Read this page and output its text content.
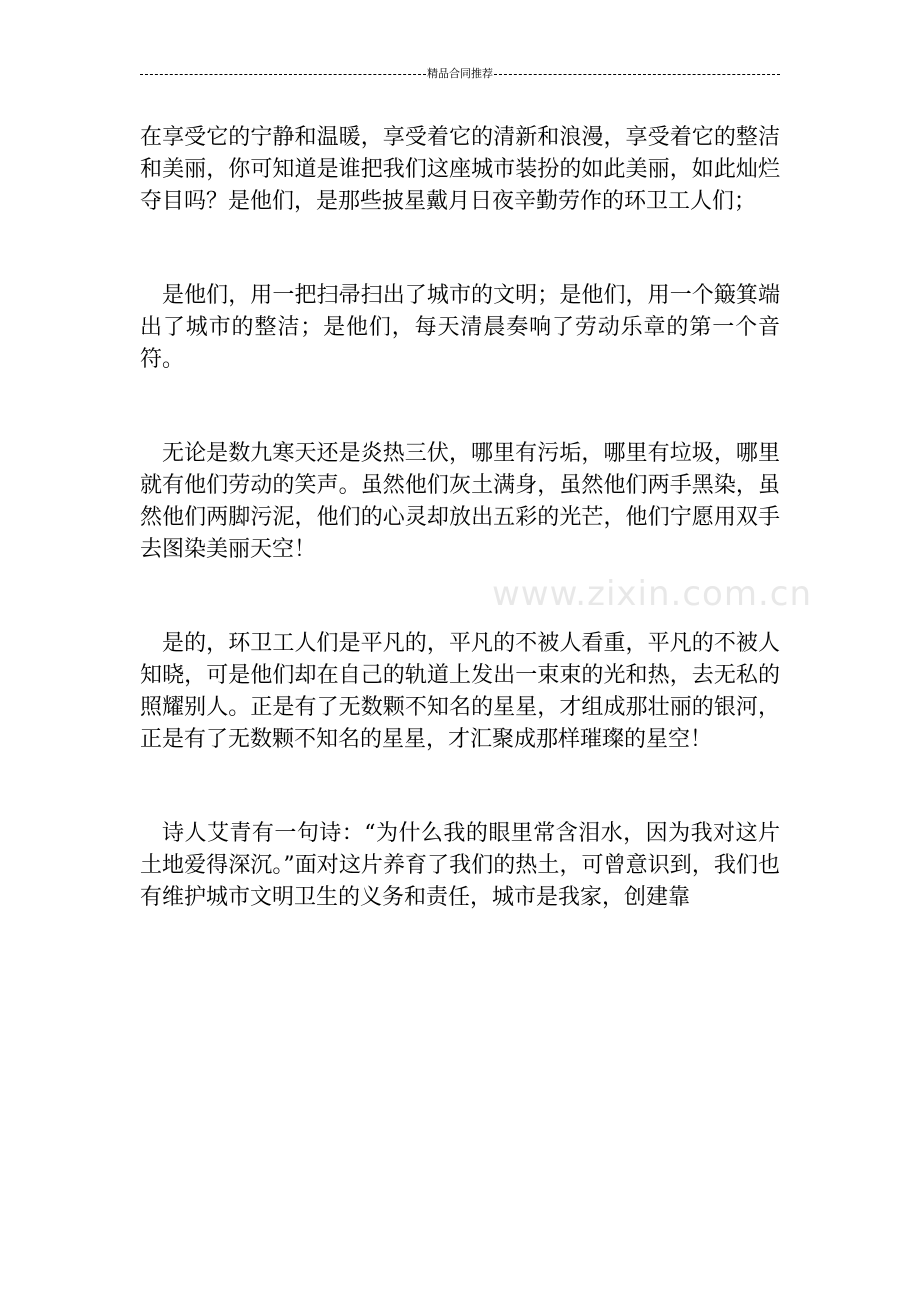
精品合同推荐

在享受它的宁静和温暖，享受着它的清新和浪漫，享受着它的整洁和美丽，你可知道是谁把我们这座城市装扮的如此美丽，如此灿烂夺目吗？是他们，是那些披星戴月日夜辛勤劳作的环卫工人们；

是他们，用一把扫帚扫出了城市的文明；是他们，用一个簸箕端出了城市的整洁；是他们，每天清晨奏响了劳动乐章的第一个音符。

无论是数九寒天还是炎热三伏，哪里有污垢，哪里有垃圾，哪里就有他们劳动的笑声。虽然他们灰土满身，虽然他们两手黑染，虽然他们两脚污泥，他们的心灵却放出五彩的光芒，他们宁愿用双手去图染美丽天空！

是的，环卫工人们是平凡的，平凡的不被人看重，平凡的不被人知晓，可是他们却在自己的轨道上发出一束束的光和热，去无私的照耀别人。正是有了无数颗不知名的星星，才组成那壮丽的银河，正是有了无数颗不知名的星星，才汇聚成那样璀璨的星空！

诗人艾青有一句诗：“为什么我的眼里常含泪水，因为我对这片土地爱得深沉。”面对这片养育了我们的热土，可曾意识到，我们也有维护城市文明卫生的义务和责任，城市是我家，创建靠

www.zixin.com.cn
